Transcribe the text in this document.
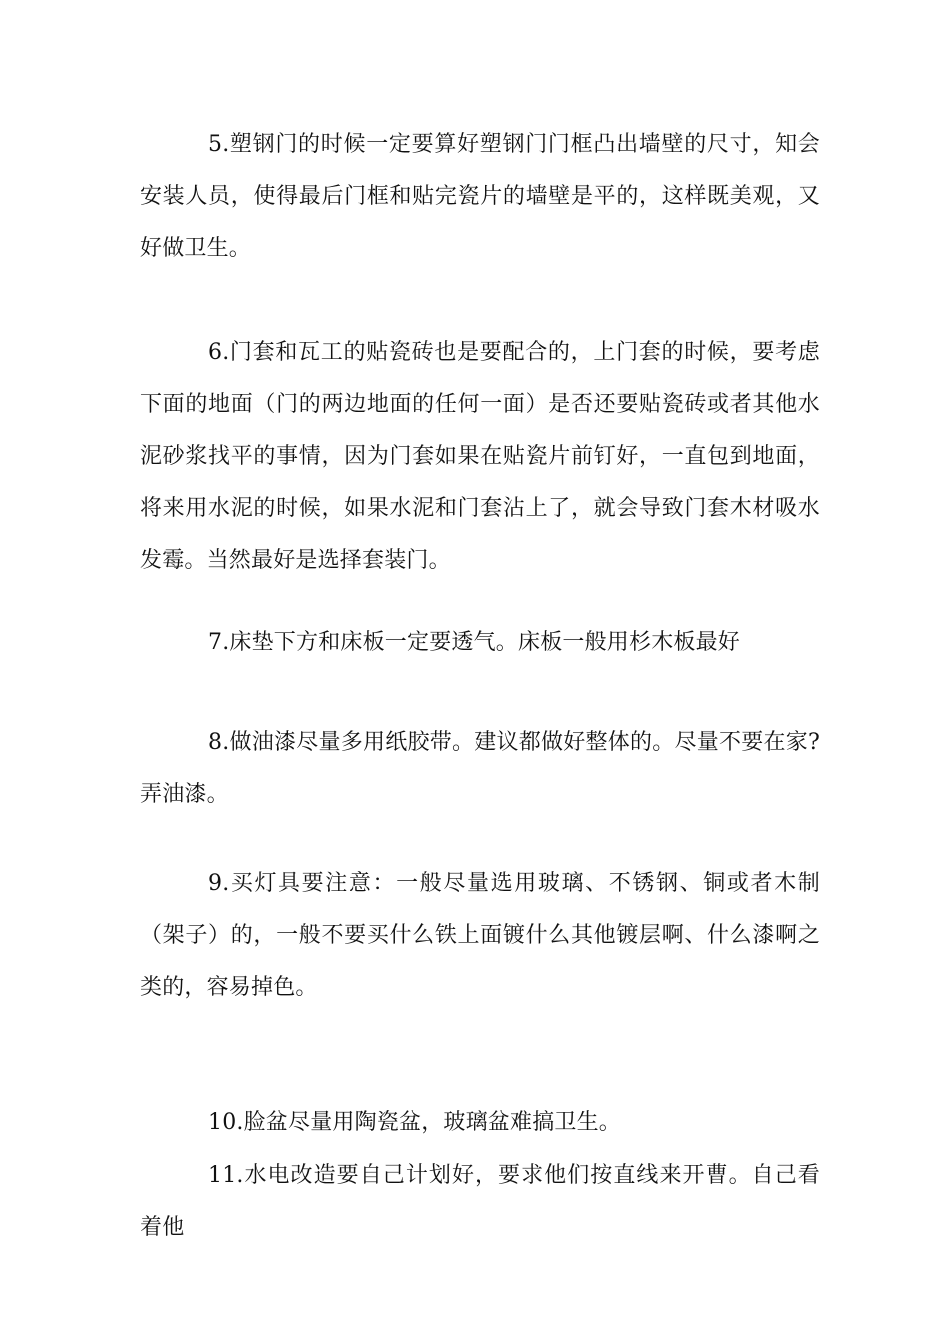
5.塑钢门的时候一定要算好塑钢门门框凸出墙壁的尺寸，知会安装人员，使得最后门框和贴完瓷片的墙壁是平的，这样既美观，又好做卫生。

6.门套和瓦工的贴瓷砖也是要配合的，上门套的时候，要考虑下面的地面（门的两边地面的任何一面）是否还要贴瓷砖或者其他水泥砂浆找平的事情，因为门套如果在贴瓷片前钉好，一直包到地面，将来用水泥的时候，如果水泥和门套沾上了，就会导致门套木材吸水发霉。当然最好是选择套装门。

7.床垫下方和床板一定要透气。床板一般用杉木板最好

8.做油漆尽量多用纸胶带。建议都做好整体的。尽量不要在家?弄油漆。

9.买灯具要注意：一般尽量选用玻璃、不锈钢、铜或者木制（架子）的，一般不要买什么铁上面镀什么其他镀层啊、什么漆啊之类的，容易掉色。

10.脸盆尽量用陶瓷盆，玻璃盆难搞卫生。

11.水电改造要自己计划好，要求他们按直线来开曹。自己看着他
